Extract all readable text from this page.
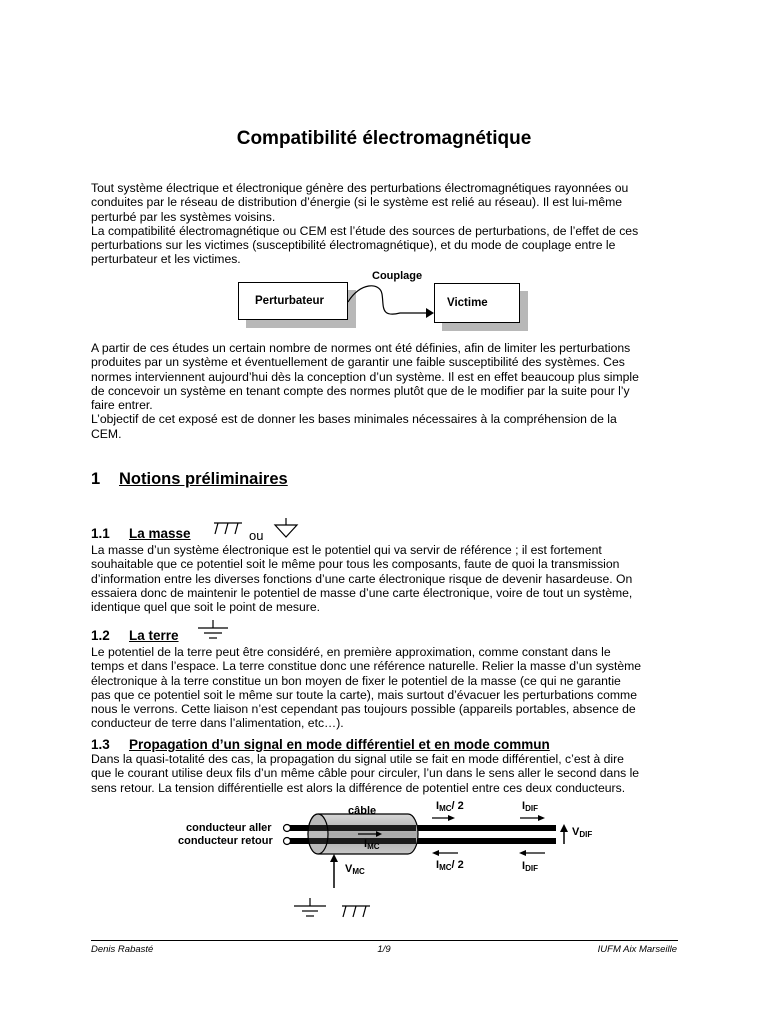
Compatibilité électromagnétique
Tout système électrique et électronique génère des perturbations électromagnétiques rayonnées ou
conduites par le réseau de distribution d’énergie (si le système est relié au réseau). Il est lui-même
perturbé par les systèmes voisins.
La compatibilité électromagnétique ou CEM est l’étude des sources de perturbations, de l’effet de ces
perturbations sur les victimes (susceptibilité électromagnétique), et du mode de couplage entre le
perturbateur et les victimes.
Couplage
Perturbateur	Victime
A partir de ces études un certain nombre de normes ont été définies, afin de limiter les perturbations
produites par un système et éventuellement de garantir une faible susceptibilité des systèmes. Ces
normes interviennent aujourd’hui dès la conception d’un système. Il est en effet beaucoup plus simple
de concevoir un système en tenant compte des normes plutôt que de le modifier par la suite pour l’y
faire entrer.
L’objectif de cet exposé est de donner les bases minimales nécessaires à la compréhension de la
CEM.
1 Notions préliminaires
1.1 La masse	ou
La masse d’un système électronique est le potentiel qui va servir de référence ; il est fortement
souhaitable que ce potentiel soit le même pour tous les composants, faute de quoi la transmission
d’information entre les diverses fonctions d’une carte électronique risque de devenir hasardeuse. On
essaiera donc de maintenir le potentiel de masse d’une carte électronique, voire de tout un système,
identique quel que soit le point de mesure.
1.2 La terre
Le potentiel de la terre peut être considéré, en première approximation, comme constant dans le
temps et dans l’espace. La terre constitue donc une référence naturelle. Relier la masse d’un système
électronique à la terre constitue un bon moyen de fixer le potentiel de la masse (ce qui ne garantie
pas que ce potentiel soit le même sur toute la carte), mais surtout d’évacuer les perturbations comme
nous le verrons. Cette liaison n’est cependant pas toujours possible (appareils portables, absence de
conducteur de terre dans l’alimentation, etc…).
1.3 Propagation d’un signal en mode différentiel et en mode commun
Dans la quasi-totalité des cas, la propagation du signal utile se fait en mode différentiel, c’est à dire
que le courant utilise deux fils d’un même câble pour circuler, l’un dans le sens aller le second dans le
sens retour. La tension différentielle est alors la différence de potentiel entre ces deux conducteurs.
câble
conducteur aller
conducteur retour	$I_{MC}$
$V_{MC}$
$I_{MC}/$ 2	$I_{DIF}$
$I_{MC}/$ 2	$I_{DIF}$
$V_{DIF}$
Denis Rabasté	1/9	IUFM Aix Marseille
